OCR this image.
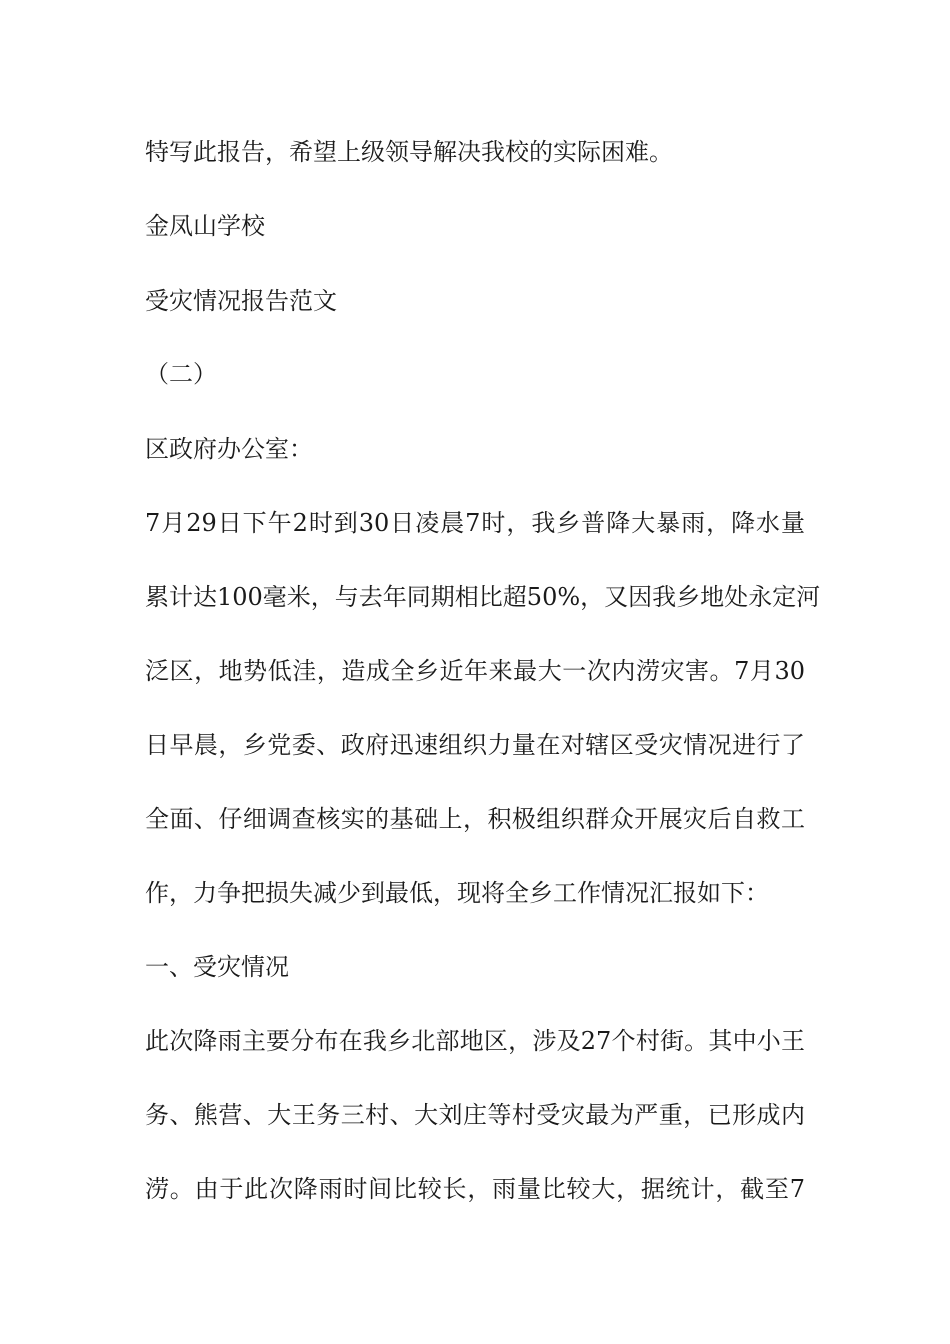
特写此报告，希望上级领导解决我校的实际困难。

金凤山学校

受灾情况报告范文

（二）

区政府办公室：

7月29日下午2时到30日凌晨7时，我乡普降大暴雨，降水量

累计达100毫米，与去年同期相比超50%，又因我乡地处永定河

泛区，地势低洼，造成全乡近年来最大一次内涝灾害。7月30

日早晨，乡党委、政府迅速组织力量在对辖区受灾情况进行了

全面、仔细调查核实的基础上，积极组织群众开展灾后自救工

作，力争把损失减少到最低，现将全乡工作情况汇报如下：

一、受灾情况

此次降雨主要分布在我乡北部地区，涉及27个村街。其中小王

务、熊营、大王务三村、大刘庄等村受灾最为严重，已形成内

涝。由于此次降雨时间比较长，雨量比较大，据统计，截至7
